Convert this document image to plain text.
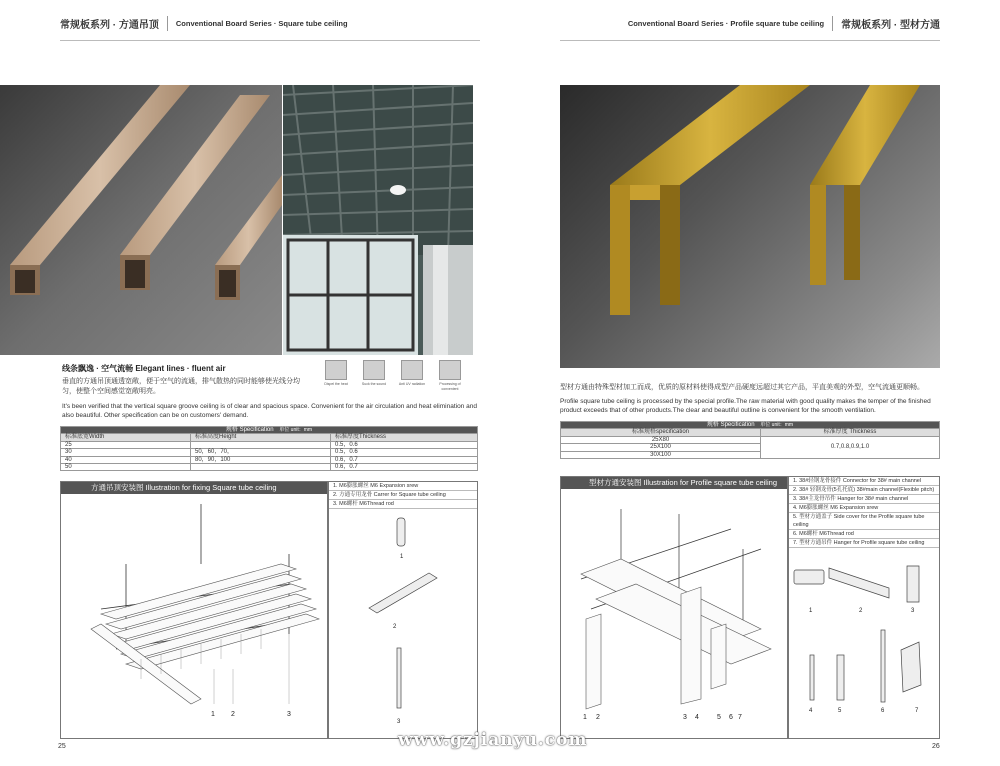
常规板系列 · 方通吊顶	Conventional Board Series · Square tube ceiling	Conventional Board Series · Profile square tube ceiling	常规板系列 · 型材方通
线条飘逸 · 空气流畅 Elegant lines · fluent air
垂直的方通吊顶通透宽敞，便于空气的流通，排气散热的同时能够使光线分均匀，使整个空间感觉宽敞明亮。
It's been verified that the vertical square groove ceiling is of clear and spacious space. Convenient for the air circulation and heat elimination and also beautiful. Other specification can be on customers' demand.
Dispel the heat	Suck the sound	Anti UV radiation	Processing of convenient
规格 Specification 单位 unit：mm		
标准底宽Width	标准高度Height	标准厚度Thickness
25		0.5，0.6
30	50，60，70，	0.5，0.6
40	80，90，100	0.6，0.7
50		0.6，0.7
方通吊顶安装图 Illustration for fixing Square tube ceiling
1 2	3
1. M6膨胀螺丝 M6 Expansion srew
2. 方通专用龙骨 Carrer for Square tube ceiling
3. M6螺杆 M6Thread rod
1
2
3
型材方通由特殊型材加工而成，优质的原材料使得成型产品硬度远超过其它产品，平直美观的外型，空气流通更顺畅。
Profile square tube ceiling is processed by the special profile.The raw material with good quality makes the temper of the finished product exceeds that of other products.The clear and beautiful outline is convenient for the smooth ventilation.
规格 Specification 单位 unit：mm	
标准规格specification	标准厚度 Thickness
25X80	0.7,0.8,0.9,1.0
25X100	
30X100	
型材方通安装图 Illustration for Profile square tube ceiling
1 2	3 4	5 6 7
1. 38#轻钢龙骨接件 Connector for 38# main channel
2. 38# 轻钢龙骨(5孔托底) 38#main channel(Flexible pitch)
3. 38#主龙骨吊件 Hanger for 38# main channel
4. M6膨胀螺丝 M6 Expansion srew
5. 型材方通盖子 Side cover for the Profile square tube ceiling
6. M6螺杆 M6Thread rod
7. 型材方通吊件 Hanger for Profile square tube ceiling
1	2	3
4	5	6	7
25	26
www.gzjianyu.com
